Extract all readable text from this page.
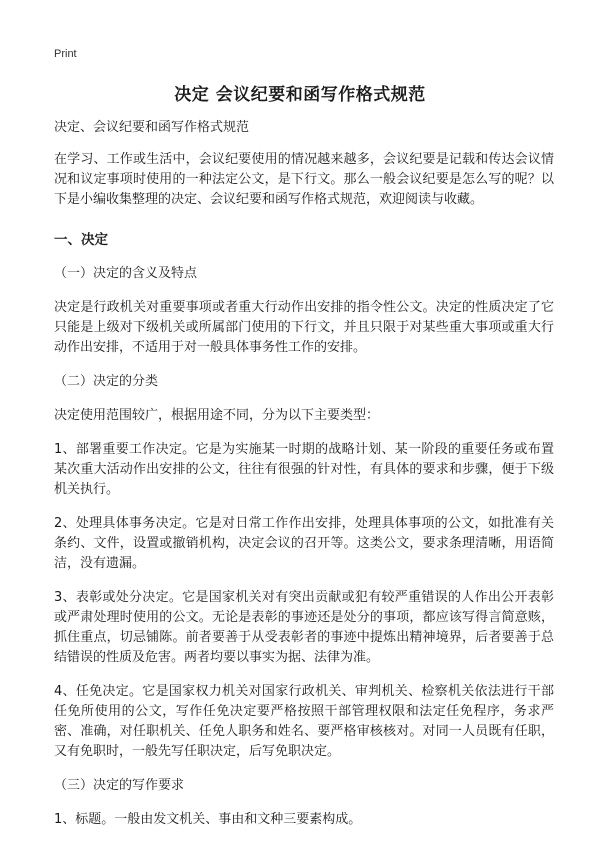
Print
决定 会议纪要和函写作格式规范

决定、会议纪要和函写作格式规范

在学习、工作或生活中，会议纪要使用的情况越来越多，会议纪要是记载和传达会议情况和议定事项时使用的一种法定公文，是下行文。那么一般会议纪要是怎么写的呢？以下是小编收集整理的决定、会议纪要和函写作格式规范，欢迎阅读与收藏。

一、决定

（一）决定的含义及特点

决定是行政机关对重要事项或者重大行动作出安排的指令性公文。决定的性质决定了它只能是上级对下级机关或所属部门使用的下行文，并且只限于对某些重大事项或重大行动作出安排，不适用于对一般具体事务性工作的安排。

（二）决定的分类

决定使用范围较广，根据用途不同，分为以下主要类型：

1、部署重要工作决定。它是为实施某一时期的战略计划、某一阶段的重要任务或布置某次重大活动作出安排的公文，往往有很强的针对性，有具体的要求和步骤，便于下级机关执行。

2、处理具体事务决定。它是对日常工作作出安排，处理具体事项的公文，如批准有关条约、文件，设置或撤销机构，决定会议的召开等。这类公文，要求条理清晰，用语简洁，没有遗漏。

3、表彰或处分决定。它是国家机关对有突出贡献或犯有较严重错误的人作出公开表彰或严肃处理时使用的公文。无论是表彰的事迹还是处分的事项，都应该写得言简意赅，抓住重点，切忌铺陈。前者要善于从受表彰者的事迹中提炼出精神境界，后者要善于总结错误的性质及危害。两者均要以事实为据、法律为准。

4、任免决定。它是国家权力机关对国家行政机关、审判机关、检察机关依法进行干部任免所使用的公文，写作任免决定要严格按照干部管理权限和法定任免程序，务求严密、准确，对任职机关、任免人职务和姓名、要严格审核核对。对同一人员既有任职，又有免职时，一般先写任职决定，后写免职决定。

（三）决定的写作要求

1、标题。一般由发文机关、事由和文种三要素构成。
